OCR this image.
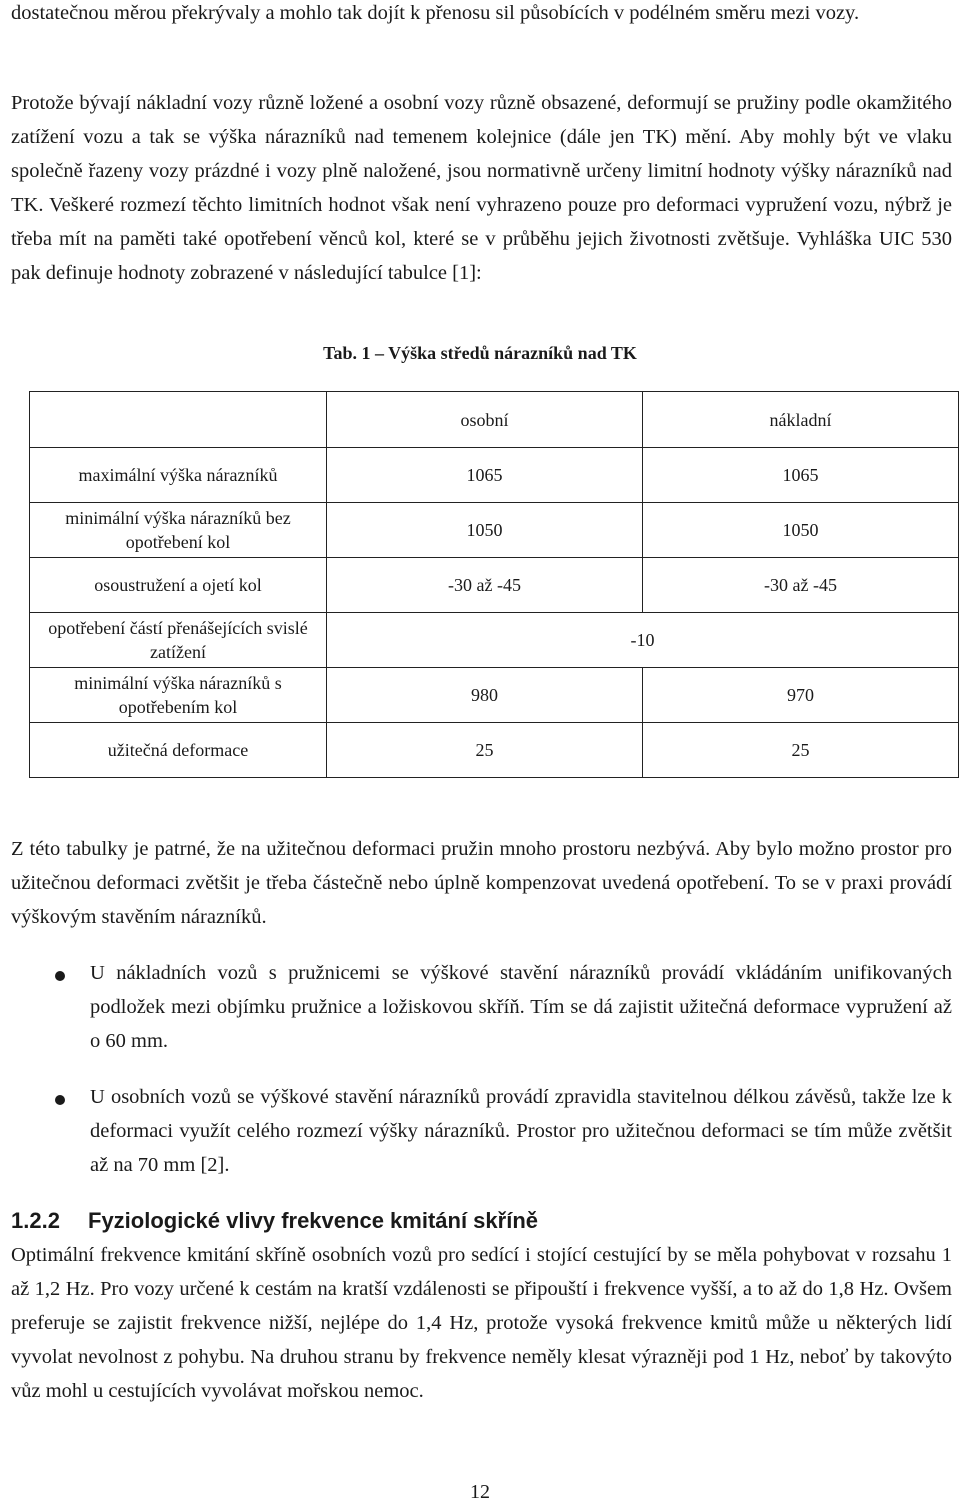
dostatečnou měrou překrývaly a mohlo tak dojít k přenosu sil působících v podélném směru mezi vozy.

Protože bývají nákladní vozy různě ložené a osobní vozy různě obsazené, deformují se pružiny podle okamžitého zatížení vozu a tak se výška nárazníků nad temenem kolejnice (dále jen TK) mění. Aby mohly být ve vlaku společně řazeny vozy prázdné i vozy plně naložené, jsou normativně určeny limitní hodnoty výšky nárazníků nad TK. Veškeré rozmezí těchto limitních hodnot však není vyhrazeno pouze pro deformaci vypružení vozu, nýbrž je třeba mít na paměti také opotřebení věnců kol, které se v průběhu jejich životnosti zvětšuje. Vyhláška UIC 530 pak definuje hodnoty zobrazené v následující tabulce [1]:

Tab. 1 – Výška středů nárazníků nad TK
	osobní	nákladní
maximální výška nárazníků	1065	1065
minimální výška nárazníků bez opotřebení kol	1050	1050
osoustružení a ojetí kol	-30 až -45	-30 až -45
opotřebení částí přenášejících svislé zatížení	-10	
minimální výška nárazníků s opotřebením kol	980	970
užitečná deformace	25	25

Z této tabulky je patrné, že na užitečnou deformaci pružin mnoho prostoru nezbývá. Aby bylo možno prostor pro užitečnou deformaci zvětšit je třeba částečně nebo úplně kompenzovat uvedená opotřebení. To se v praxi provádí výškovým stavěním nárazníků.

U nákladních vozů s pružnicemi se výškové stavění nárazníků provádí vkládáním unifikovaných podložek mezi objímku pružnice a ložiskovou skříň. Tím se dá zajistit užitečná deformace vypružení až o 60 mm.
U osobních vozů se výškové stavění nárazníků provádí zpravidla stavitelnou délkou závěsů, takže lze k deformaci využít celého rozmezí výšky nárazníků. Prostor pro užitečnou deformaci se tím může zvětšit až na 70 mm [2].
1.2.2 Fyziologické vlivy frekvence kmitání skříně

Optimální frekvence kmitání skříně osobních vozů pro sedící i stojící cestující by se měla pohybovat v rozsahu 1 až 1,2 Hz. Pro vozy určené k cestám na kratší vzdálenosti se připouští i frekvence vyšší, a to až do 1,8 Hz. Ovšem preferuje se zajistit frekvence nižší, nejlépe do 1,4 Hz, protože vysoká frekvence kmitů může u některých lidí vyvolat nevolnost z pohybu. Na druhou stranu by frekvence neměly klesat výrazněji pod 1 Hz, neboť by takovýto vůz mohl u cestujících vyvolávat mořskou nemoc.

12
